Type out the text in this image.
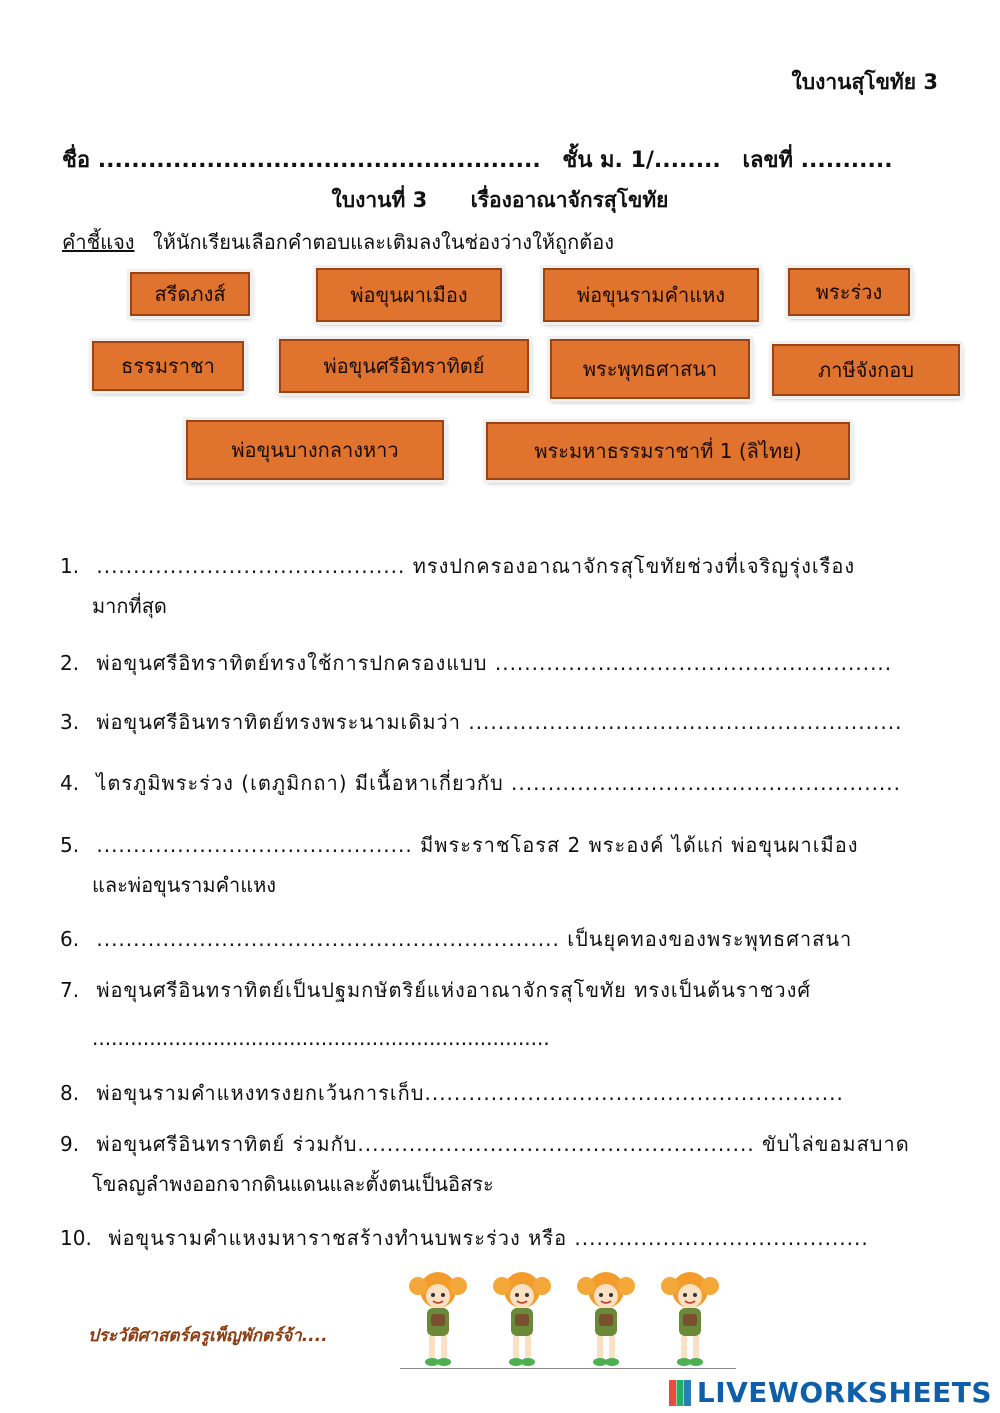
ใบงานสุโขทัย 3
ชื่อ ..................................................... ชั้น ม. 1/........ เลขที่ ...........
ใบงานที่ 3 เรื่องอาณาจักรสุโขทัย
คำชี้แจง ให้นักเรียนเลือกคำตอบและเติมลงในช่องว่างให้ถูกต้อง
สรีดภงส์	พ่อขุนผาเมือง	พ่อขุนรามคำแหง	พระร่วง
ธรรมราชา	พ่อขุนศรีอิทราทิตย์	พระพุทธศาสนา	ภาษีจังกอบ
พ่อขุนบางกลางหาว	พระมหาธรรมราชาที่ 1 (ลิไทย)
1. .......................................... ทรงปกครองอาณาจักรสุโขทัยช่วงที่เจริญรุ่งเรือง
มากที่สุด
2. พ่อขุนศรีอิทราทิตย์ทรงใช้การปกครองแบบ ......................................................
3. พ่อขุนศรีอินทราทิตย์ทรงพระนามเดิมว่า ...........................................................
4. ไตรภูมิพระร่วง (เตภูมิกถา) มีเนื้อหาเกี่ยวกับ .....................................................
5. ........................................... มีพระราชโอรส 2 พระองค์ ได้แก่ พ่อขุนผาเมือง
และพ่อขุนรามคำแหง
6. ............................................................... เป็นยุคทองของพระพุทธศาสนา
7. พ่อขุนศรีอินทราทิตย์เป็นปฐมกษัตริย์แห่งอาณาจักรสุโขทัย ทรงเป็นต้นราชวงศ์
........................................................................
8. พ่อขุนรามคำแหงทรงยกเว้นการเก็บ.........................................................
9. พ่อขุนศรีอินทราทิตย์ ร่วมกับ...................................................... ขับไล่ขอมสบาด
โขลญลำพงออกจากดินแดนและตั้งตนเป็นอิสระ
10. พ่อขุนรามคำแหงมหาราชสร้างทำนบพระร่วง หรือ ........................................
ประวัติศาสตร์ครูเพ็ญพักตร์จ้า....
LIVEWORKSHEETS
